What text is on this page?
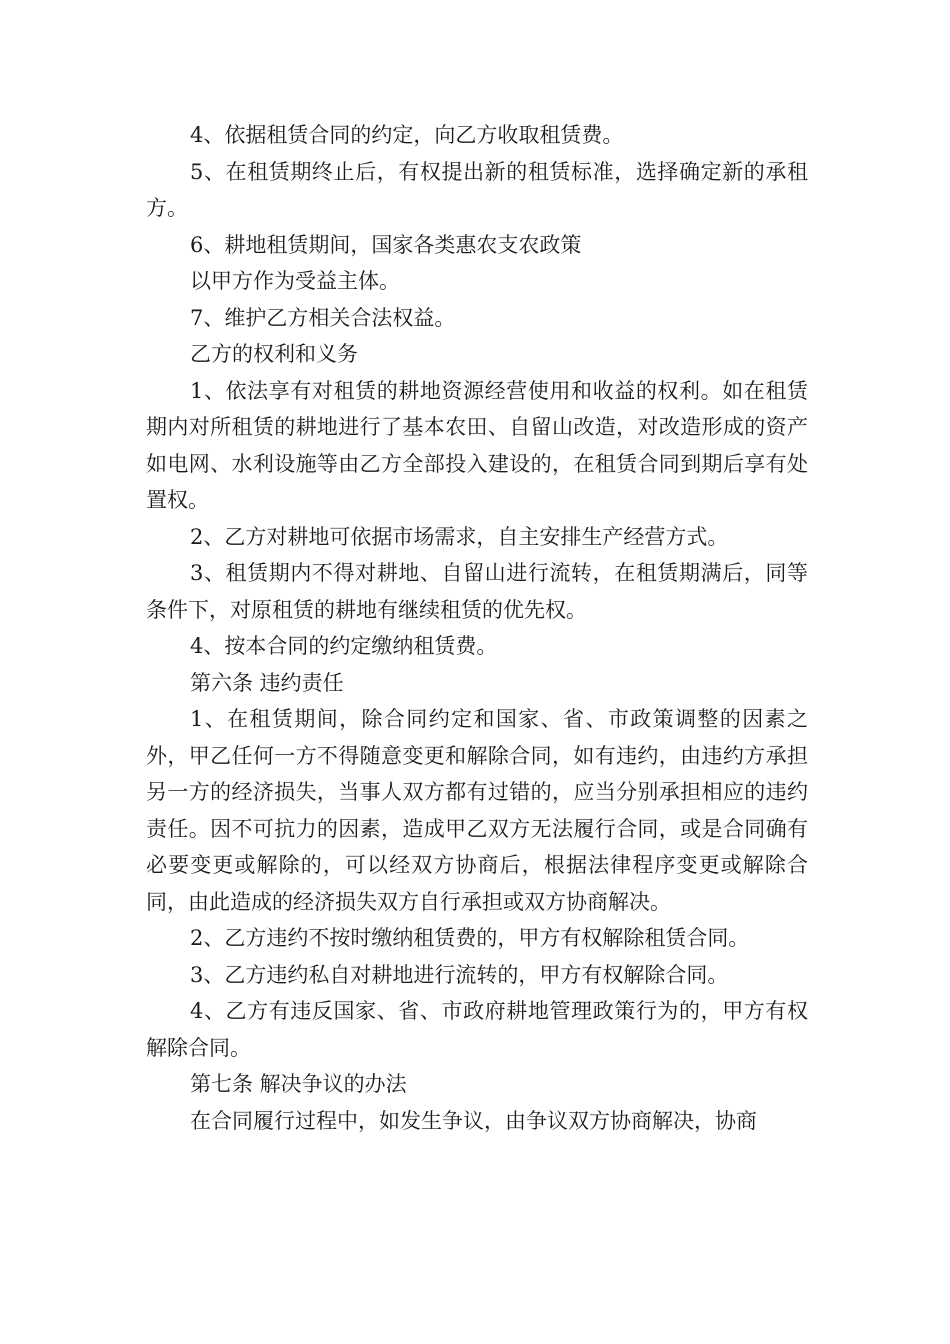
4、依据租赁合同的约定，向乙方收取租赁费。

5、在租赁期终止后，有权提出新的租赁标准，选择确定新的承租方。

6、耕地租赁期间，国家各类惠农支农政策

以甲方作为受益主体。

7、维护乙方相关合法权益。

乙方的权利和义务

1、依法享有对租赁的耕地资源经营使用和收益的权利。如在租赁期内对所租赁的耕地进行了基本农田、自留山改造，对改造形成的资产如电网、水利设施等由乙方全部投入建设的，在租赁合同到期后享有处置权。

2、乙方对耕地可依据市场需求，自主安排生产经营方式。

3、租赁期内不得对耕地、自留山进行流转，在租赁期满后，同等条件下，对原租赁的耕地有继续租赁的优先权。

4、按本合同的约定缴纳租赁费。

第六条 违约责任

1、在租赁期间，除合同约定和国家、省、市政策调整的因素之外，甲乙任何一方不得随意变更和解除合同，如有违约，由违约方承担另一方的经济损失，当事人双方都有过错的，应当分别承担相应的违约责任。因不可抗力的因素，造成甲乙双方无法履行合同，或是合同确有必要变更或解除的，可以经双方协商后，根据法律程序变更或解除合同，由此造成的经济损失双方自行承担或双方协商解决。

2、乙方违约不按时缴纳租赁费的，甲方有权解除租赁合同。

3、乙方违约私自对耕地进行流转的，甲方有权解除合同。

4、乙方有违反国家、省、市政府耕地管理政策行为的，甲方有权解除合同。

第七条 解决争议的办法

在合同履行过程中，如发生争议，由争议双方协商解决，协商
